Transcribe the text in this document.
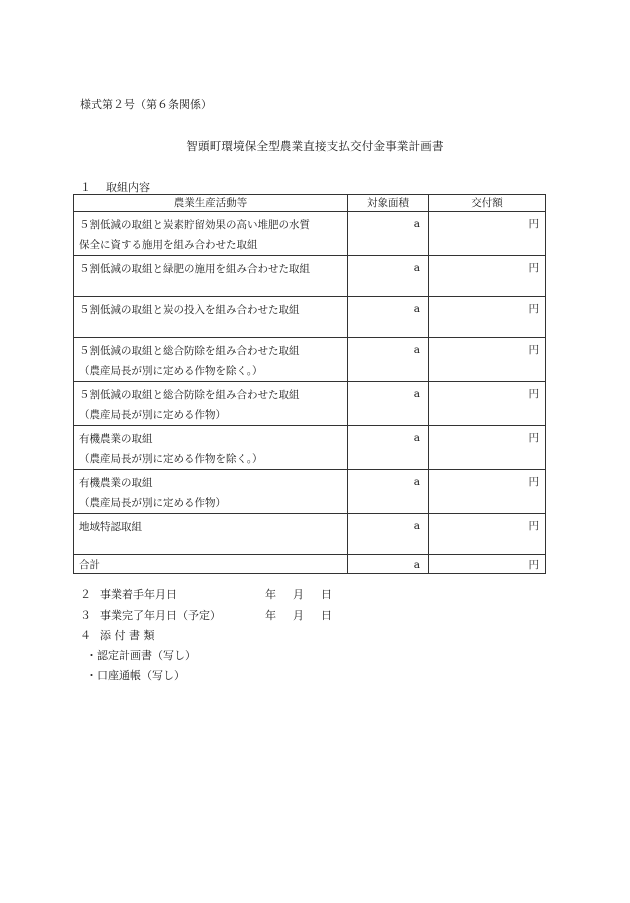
様式第２号（第６条関係）
智頭町環境保全型農業直接支払交付金事業計画書
１ 取組内容
農業生産活動等	対象面積	交付額

５割低減の取組と炭素貯留効果の高い堆肥の水質
保全に資する施用を組み合わせた取組	a	円

５割低減の取組と緑肥の施用を組み合わせた取組	a	円

５割低減の取組と炭の投入を組み合わせた取組	a	円

５割低減の取組と総合防除を組み合わせた取組
（農産局長が別に定める作物を除く。）	a	円

５割低減の取組と総合防除を組み合わせた取組
（農産局長が別に定める作物）	a	円

有機農業の取組
（農産局長が別に定める作物を除く。）	a	円

有機農業の取組
（農産局長が別に定める作物）	a	円

地域特認取組	a	円
合計	a	円
２ 事業着手年月日	年 月 日
３ 事業完了年月日（予定）	年 月 日
４ 添 付 書 類
・認定計画書（写し）
・口座通帳（写し）
